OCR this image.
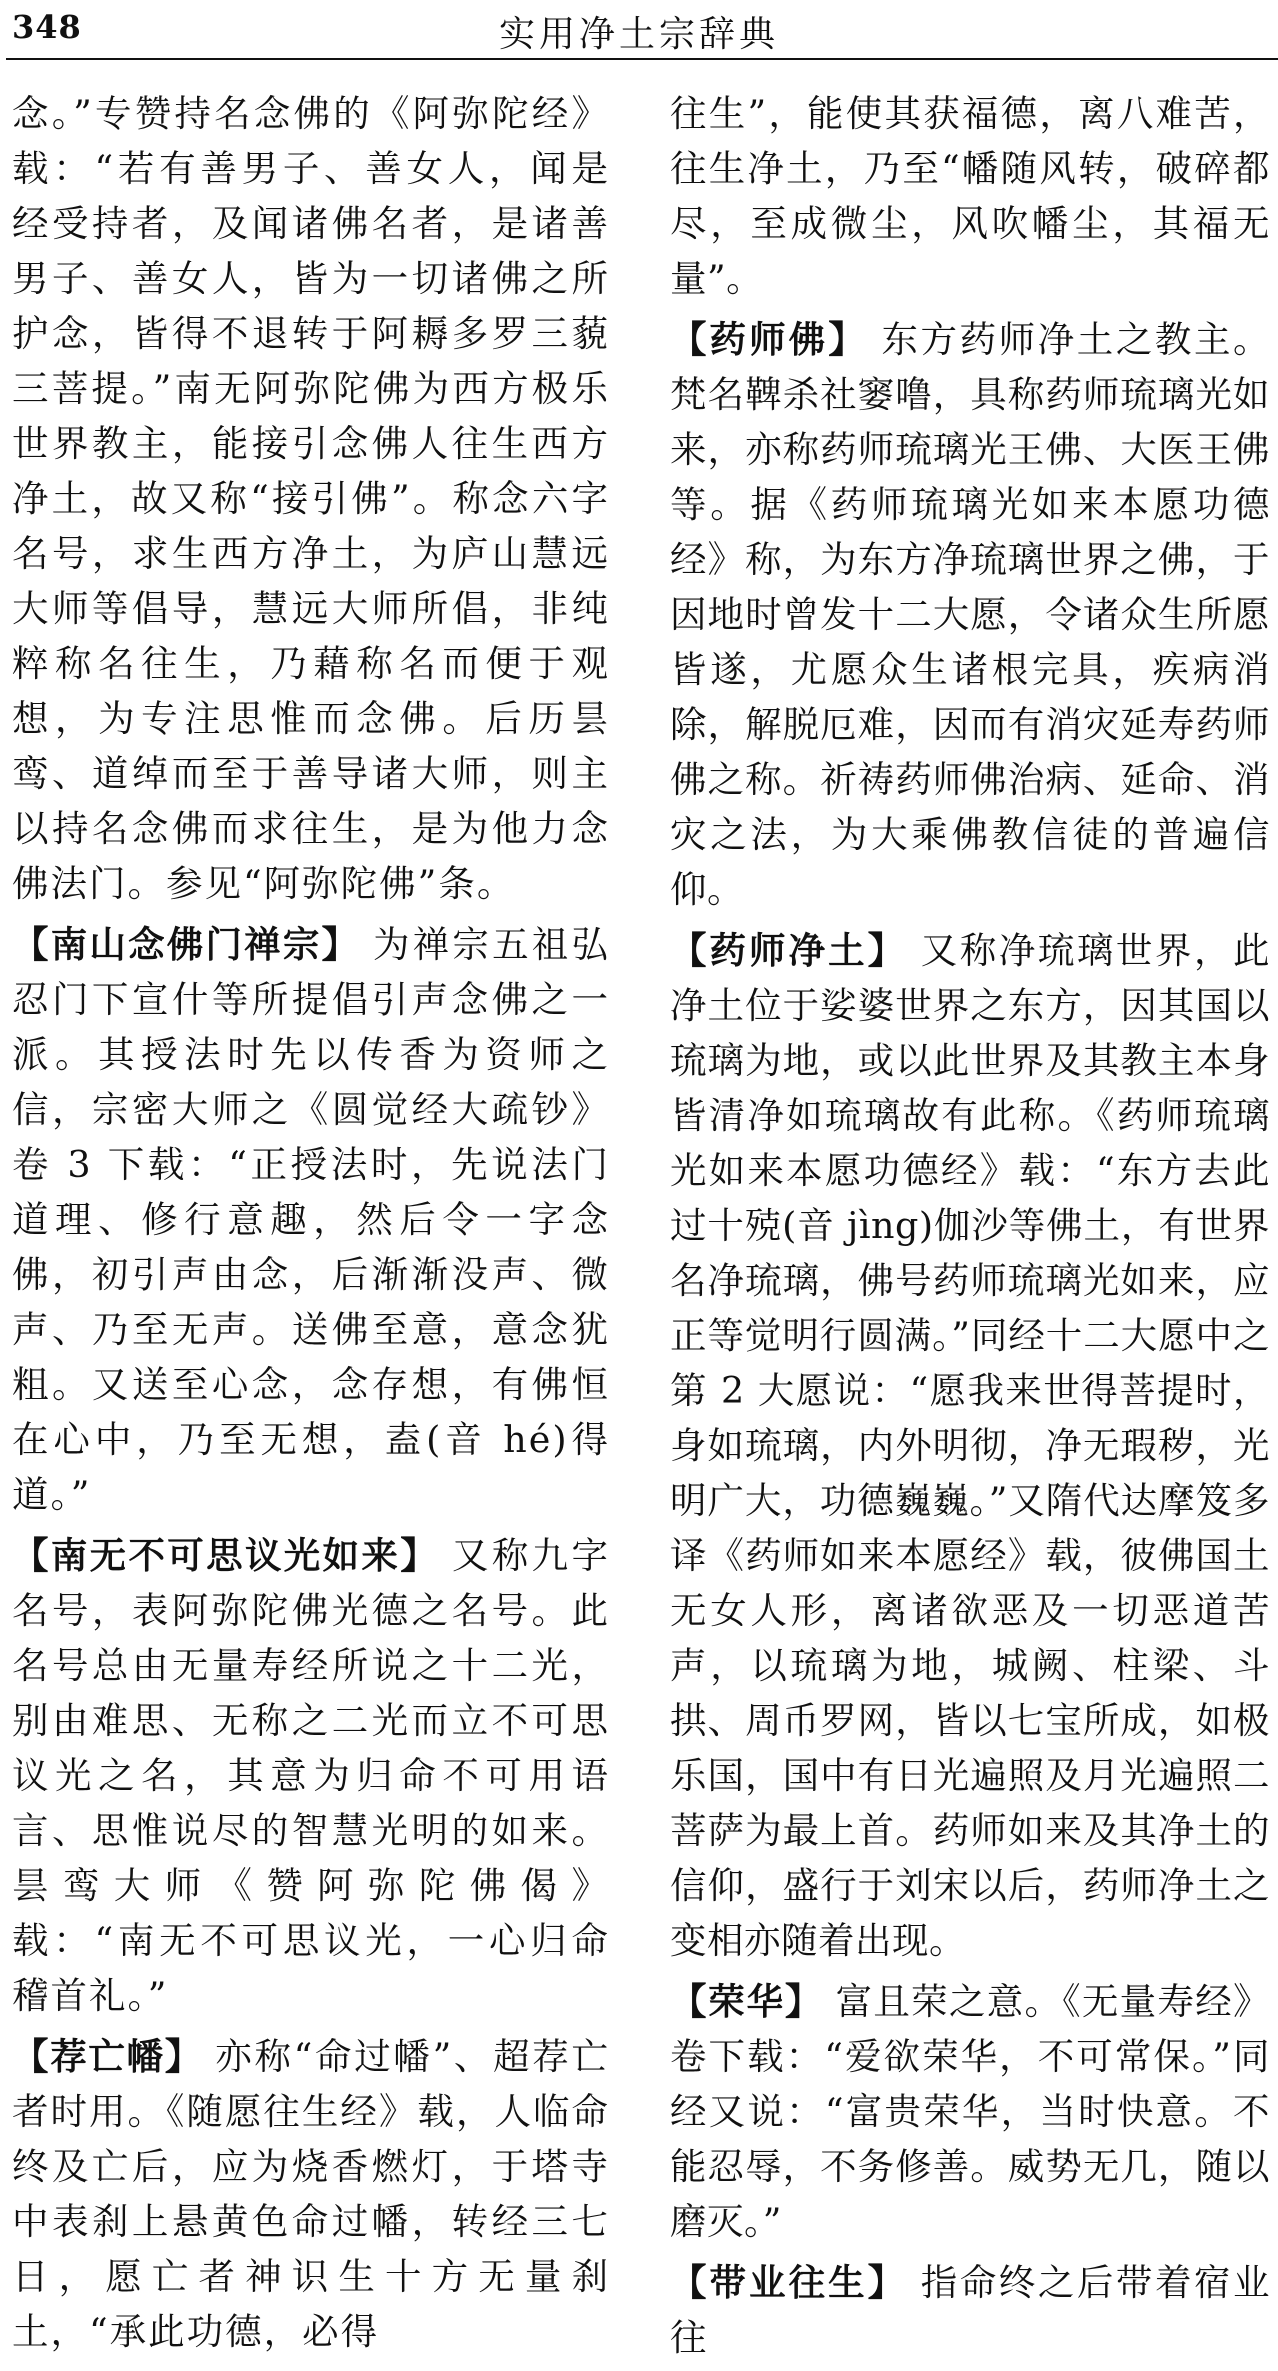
348	实用净土宗辞典

念。”专赞持名念佛的《阿弥陀经》载：“若有善男子、善女人，闻是经受持者，及闻诸佛名者，是诸善男子、善女人，皆为一切诸佛之所护念，皆得不退转于阿耨多罗三藐三菩提。”南无阿弥陀佛为西方极乐世界教主，能接引念佛人往生西方净土，故又称“接引佛”。称念六字名号，求生西方净土，为庐山慧远大师等倡导，慧远大师所倡，非纯粹称名往生，乃藉称名而便于观想，为专注思惟而念佛。后历昙鸾、道绰而至于善导诸大师，则主以持名念佛而求往生，是为他力念佛法门。参见“阿弥陀佛”条。

【南山念佛门禅宗】 为禅宗五祖弘忍门下宣什等所提倡引声念佛之一派。其授法时先以传香为资师之信，宗密大师之《圆觉经大疏钞》卷 3 下载：“正授法时，先说法门道理、修行意趣，然后令一字念佛，初引声由念，后渐渐没声、微声、乃至无声。送佛至意，意念犹粗。又送至心念，念存想，有佛恒在心中，乃至无想，盍(音 hé)得道。”

【南无不可思议光如来】 又称九字名号，表阿弥陀佛光德之名号。此名号总由无量寿经所说之十二光，别由难思、无称之二光而立不可思议光之名，其意为归命不可用语言、思惟说尽的智慧光明的如来。昙鸾大师《赞阿弥陀佛偈》载：“南无不可思议光，一心归命稽首礼。”

【荐亡幡】 亦称“命过幡”、超荐亡者时用。《随愿往生经》载，人临命终及亡后，应为烧香燃灯，于塔寺中表刹上悬黄色命过幡，转经三七日，愿亡者神识生十方无量刹土，“承此功德，必得

往生”，能使其获福德，离八难苦，往生净土，乃至“幡随风转，破碎都尽，至成微尘，风吹幡尘，其福无量”。

【药师佛】 东方药师净土之教主。梵名鞞杀社窭噜，具称药师琉璃光如来，亦称药师琉璃光王佛、大医王佛等。据《药师琉璃光如来本愿功德经》称，为东方净琉璃世界之佛，于因地时曾发十二大愿，令诸众生所愿皆遂，尤愿众生诸根完具，疾病消除，解脱厄难，因而有消灾延寿药师佛之称。祈祷药师佛治病、延命、消灾之法，为大乘佛教信徒的普遍信仰。

【药师净土】 又称净琉璃世界，此净土位于娑婆世界之东方，因其国以琉璃为地，或以此世界及其教主本身皆清净如琉璃故有此称。《药师琉璃光如来本愿功德经》载：“东方去此过十殑(音 jìng)伽沙等佛土，有世界名净琉璃，佛号药师琉璃光如来，应正等觉明行圆满。”同经十二大愿中之第 2 大愿说：“愿我来世得菩提时，身如琉璃，内外明彻，净无瑕秽，光明广大，功德巍巍。”又隋代达摩笈多译《药师如来本愿经》载，彼佛国土无女人形，离诸欲恶及一切恶道苦声，以琉璃为地，城阙、柱梁、斗拱、周币罗网，皆以七宝所成，如极乐国，国中有日光遍照及月光遍照二菩萨为最上首。药师如来及其净土的信仰，盛行于刘宋以后，药师净土之变相亦随着出现。

【荣华】 富且荣之意。《无量寿经》卷下载：“爱欲荣华，不可常保。”同经又说：“富贵荣华，当时快意。不能忍辱，不务修善。威势无几，随以磨灭。”

【带业往生】 指命终之后带着宿业往
